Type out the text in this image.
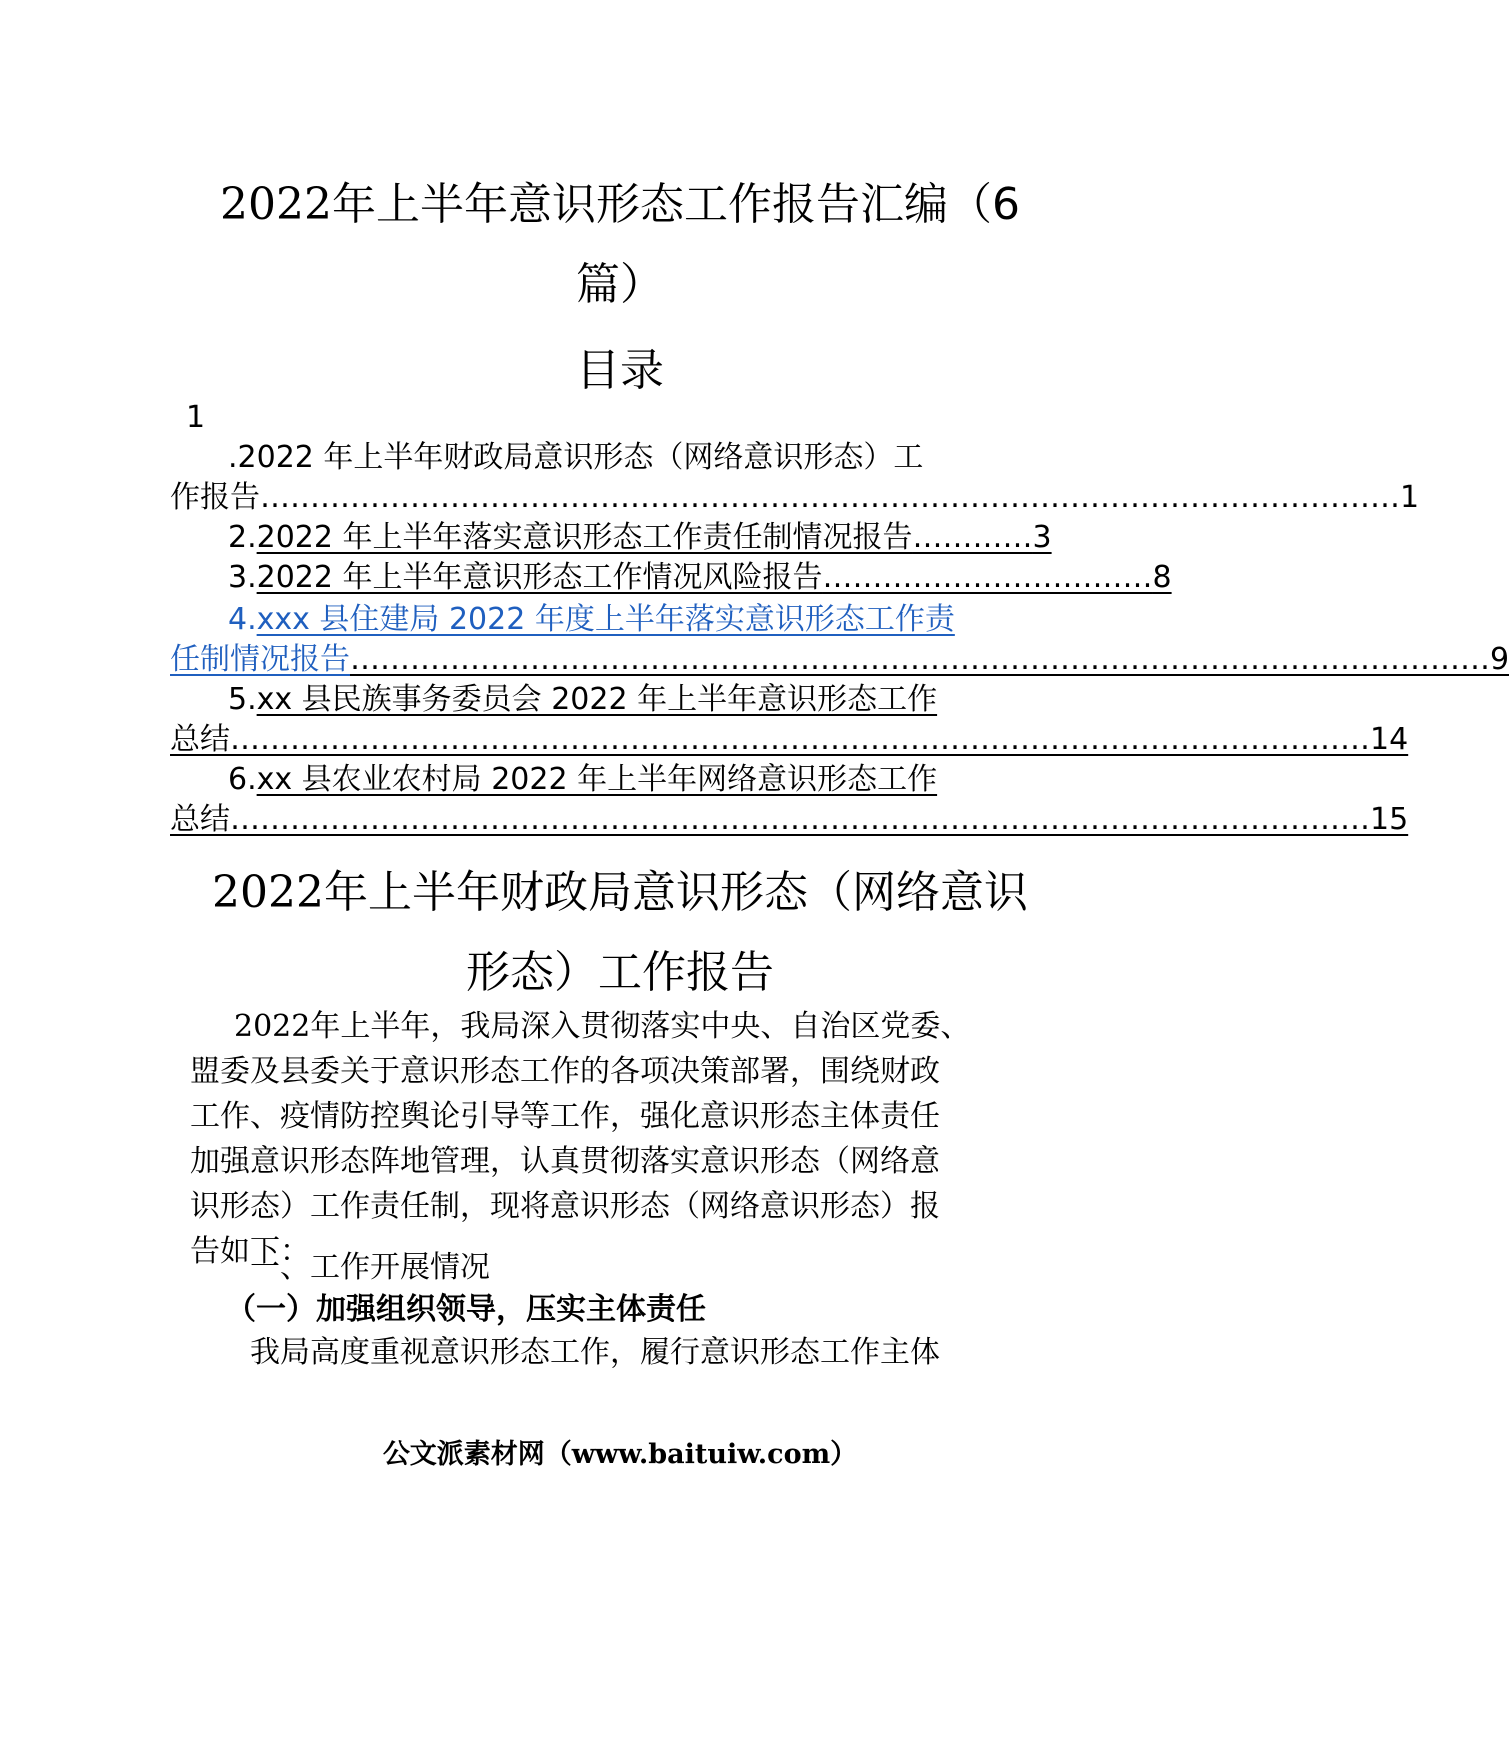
2022年上半年意识形态工作报告汇编（6
篇）
目录
1
.2022 年上半年财政局意识形态（网络意识形态）工
作报告 …………………………………………………………………………………………………… 1
2. 2022 年上半年落实意识形态工作责任制情况报告 ………… 3
3. 2022 年上半年意识形态工作情况风险报告 …………………………… 8
4.xxx 县住建局 2022 年度上半年落实意识形态工作责
任制情况报告 …………………………………………………………………………………………………… 9
5.xx 县民族事务委员会 2022 年上半年意识形态工作
总结 …………………………………………………………………………………………………… 14
6.xx 县农业农村局 2022 年上半年网络意识形态工作
总结 …………………………………………………………………………………………………… 15
2022年上半年财政局意识形态（网络意识
形态）工作报告
2022年上半年，我局深入贯彻落实中央、自治区党委、
盟委及县委关于意识形态工作的各项决策部署，围绕财政
工作、疫情防控舆论引导等工作，强化意识形态主体责任
加强意识形态阵地管理，认真贯彻落实意识形态（网络意
识形态）工作责任制，现将意识形态（网络意识形态）报
告如下：
一、工作开展情况
（一）加强组织领导，压实主体责任
我局高度重视意识形态工作，履行意识形态工作主体
公文派素材网（www.baituiw.com）
